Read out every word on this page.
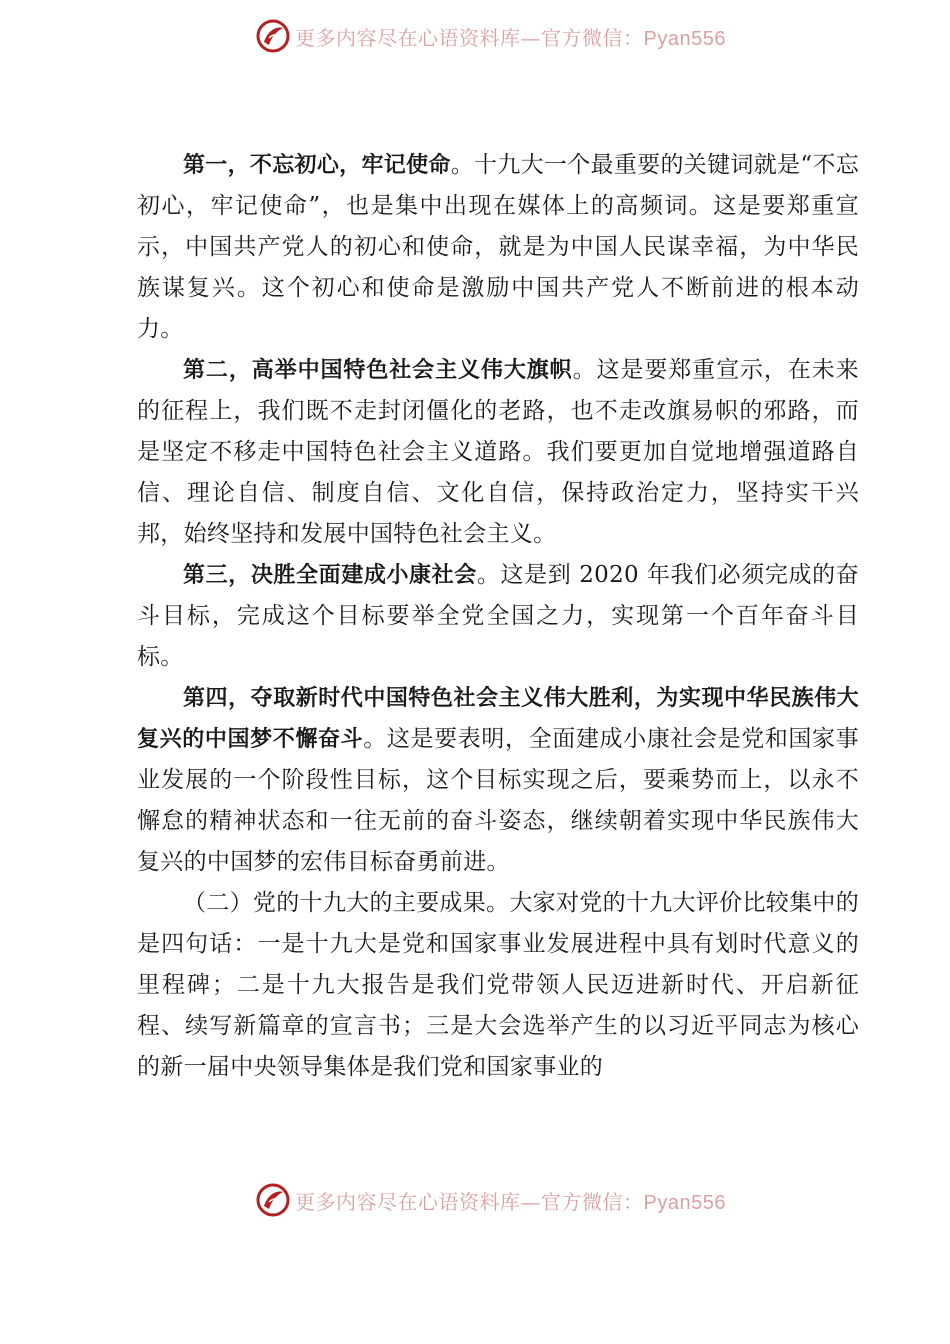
更多内容尽在心语资料库—官方微信：Pyan556

第一，不忘初心，牢记使命。十九大一个最重要的关键词就是“不忘初心，牢记使命”，也是集中出现在媒体上的高频词。这是要郑重宣示，中国共产党人的初心和使命，就是为中国人民谋幸福，为中华民族谋复兴。这个初心和使命是激励中国共产党人不断前进的根本动力。

第二，高举中国特色社会主义伟大旗帜。这是要郑重宣示，在未来的征程上，我们既不走封闭僵化的老路，也不走改旗易帜的邪路，而是坚定不移走中国特色社会主义道路。我们要更加自觉地增强道路自信、理论自信、制度自信、文化自信，保持政治定力，坚持实干兴邦，始终坚持和发展中国特色社会主义。

第三，决胜全面建成小康社会。这是到 2020 年我们必须完成的奋斗目标，完成这个目标要举全党全国之力，实现第一个百年奋斗目标。

第四，夺取新时代中国特色社会主义伟大胜利，为实现中华民族伟大复兴的中国梦不懈奋斗。这是要表明，全面建成小康社会是党和国家事业发展的一个阶段性目标，这个目标实现之后，要乘势而上，以永不懈怠的精神状态和一往无前的奋斗姿态，继续朝着实现中华民族伟大复兴的中国梦的宏伟目标奋勇前进。

（二）党的十九大的主要成果。大家对党的十九大评价比较集中的是四句话：一是十九大是党和国家事业发展进程中具有划时代意义的里程碑；二是十九大报告是我们党带领人民迈进新时代、开启新征程、续写新篇章的宣言书；三是大会选举产生的以习近平同志为核心的新一届中央领导集体是我们党和国家事业的

更多内容尽在心语资料库—官方微信：Pyan556
